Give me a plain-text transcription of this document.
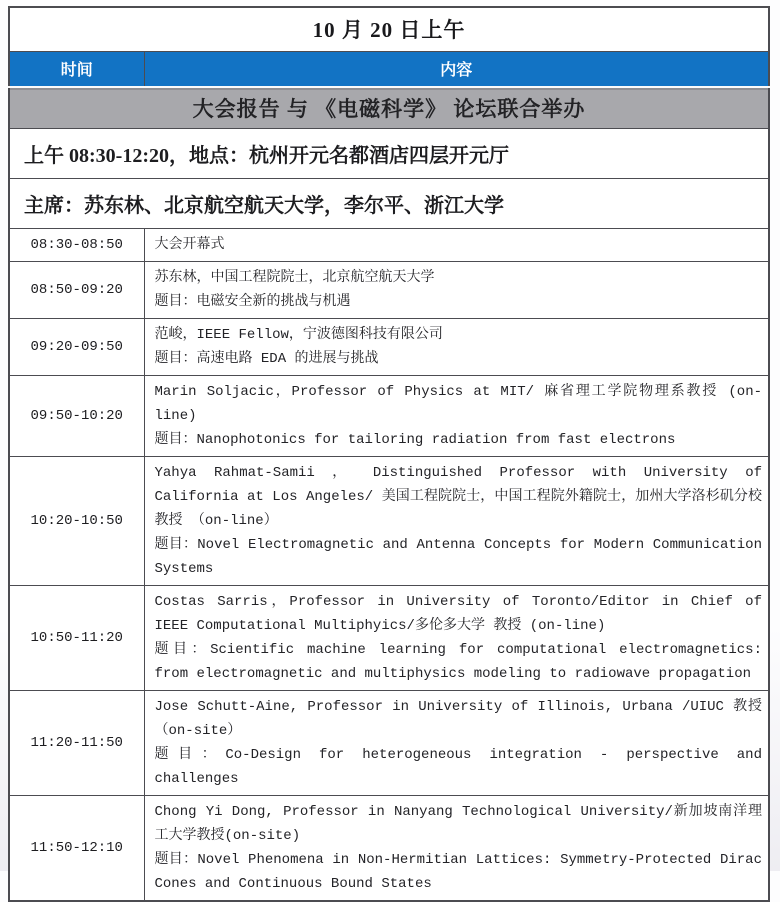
10 月 20 日上午	
时间	内容
大会报告 与 《电磁科学》 论坛联合举办	
上午 08:30-12:20，地点：杭州开元名都酒店四层开元厅	
主席：苏东林、北京航空航天大学，李尔平、浙江大学	
08:30-08:50	大会开幕式

08:50-09:20	苏东林，中国工程院院士，北京航空航天大学

题目：电磁安全新的挑战与机遇

09:20-09:50	范峻，IEEE Fellow，宁波德图科技有限公司

题目：高速电路 EDA 的进展与挑战

09:50-10:20	Marin Soljacic，Professor of Physics at MIT/ 麻省理工学院物理系教授 (on-line)

题目：Nanophotonics for tailoring radiation from fast electrons

10:20-10:50	Yahya Rahmat-Samii ， Distinguished Professor with University of California at Los Angeles/ 美国工程院院士，中国工程院外籍院士，加州大学洛杉矶分校 教授 （on-line）

题目：Novel Electromagnetic and Antenna Concepts for Modern Communication Systems

10:50-11:20	Costas Sarris，Professor in University of Toronto/Editor in Chief of IEEE Computational Multiphyics/多伦多大学 教授 (on-line)

题目：Scientific machine learning for computational electromagnetics: from electromagnetic and multiphysics modeling to radiowave propagation

11:20-11:50	Jose Schutt-Aine, Professor in University of Illinois, Urbana /UIUC 教授 （on-site）

题目：Co-Design for heterogeneous integration - perspective and challenges

11:50-12:10	Chong Yi Dong, Professor in Nanyang Technological University/新加坡南洋理工大学教授(on-site)

题目：Novel Phenomena in Non-Hermitian Lattices: Symmetry-Protected Dirac Cones and Continuous Bound States
